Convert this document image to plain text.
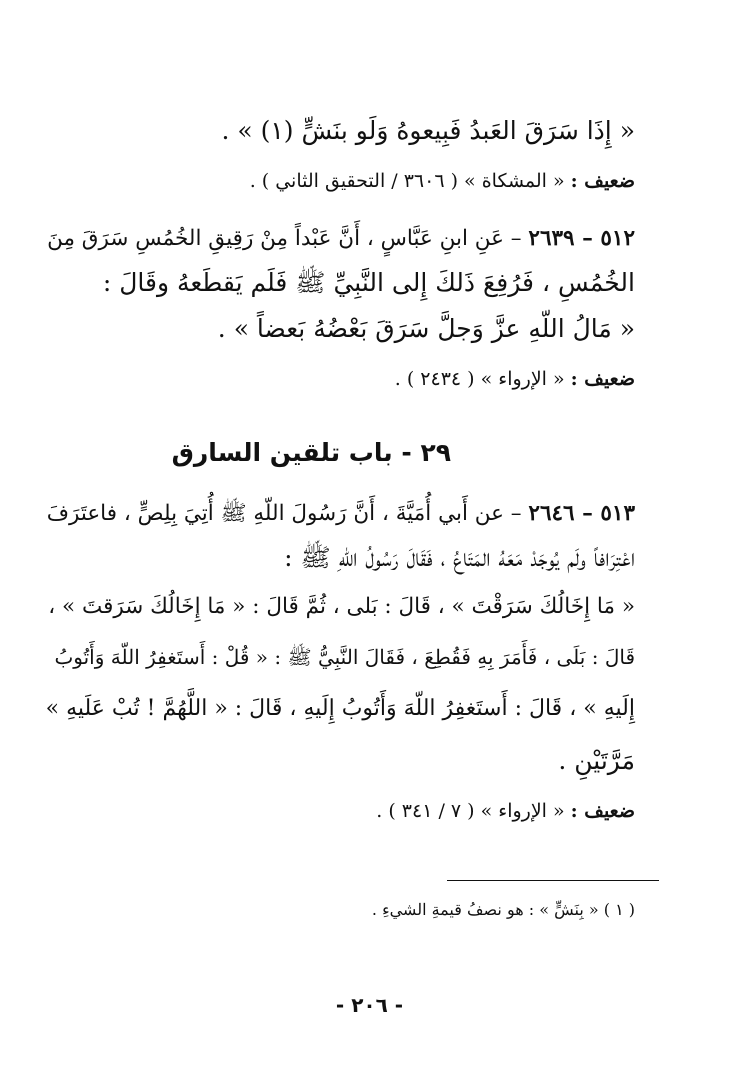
« إِذَا سَرَقَ العَبدُ فَبِيعوهُ وَلَو بنَشٍّ (١) » .
ضعيف : « المشكاة » ( ٣٦٠٦ / التحقيق الثاني ) .
٥١٢ – ٢٦٣٩ – عَنِ ابنِ عَبَّاسٍ ، أَنَّ عَبْداً مِنْ رَقِيقِ الخُمُسِ سَرَقَ مِنَ
الخُمُسِ ، فَرُفِعَ ذَلكَ إِلى النَّبِيِّ ﷺ فَلَم يَقطَعهُ وقَالَ :
« مَالُ اللّهِ عزَّ وَجلَّ سَرَقَ بَعْضُهُ بَعضاً » .
ضعيف : « الإرواء » ( ٢٤٣٤ ) .
٢٩ - باب تلقين السارق
٥١٣ – ٢٦٤٦ – عن أَبي أُمَيَّةَ ، أَنَّ رَسُولَ اللّهِ ﷺ أُتِيَ بِلِصٍّ ، فاعتَرَفَ
اعْتِرَافاً ولَم يُوجَدْ مَعَهُ المَتَاعُ ، فَقَالَ رَسُولُ اللّهِ ﷺ :
« مَا إِخَالُكَ سَرَقْتَ » ، قَالَ : بَلى ، ثُمَّ قَالَ : « مَا إِخَالُكَ سَرَقتَ » ،
قَالَ : بَلَى ، فَأَمَرَ بِهِ فَقُطِعَ ، فَقَالَ النَّبِيُّ ﷺ : « قُلْ : أَستَغفِرُ اللّهَ وَأَتُوبُ
إِلَيهِ » ، قَالَ : أَستَغفِرُ اللّهَ وَأَتُوبُ إِلَيهِ ، قَالَ : « اللَّهُمَّ ! تُبْ عَلَيهِ »
مَرَّتَيْنِ .
ضعيف : « الإرواء » ( ٧ / ٣٤١ ) .
( ١ ) « بِنَشٍّ » : هو نصفُ قيمةِ الشيءِ .
- ٢٠٦ -
